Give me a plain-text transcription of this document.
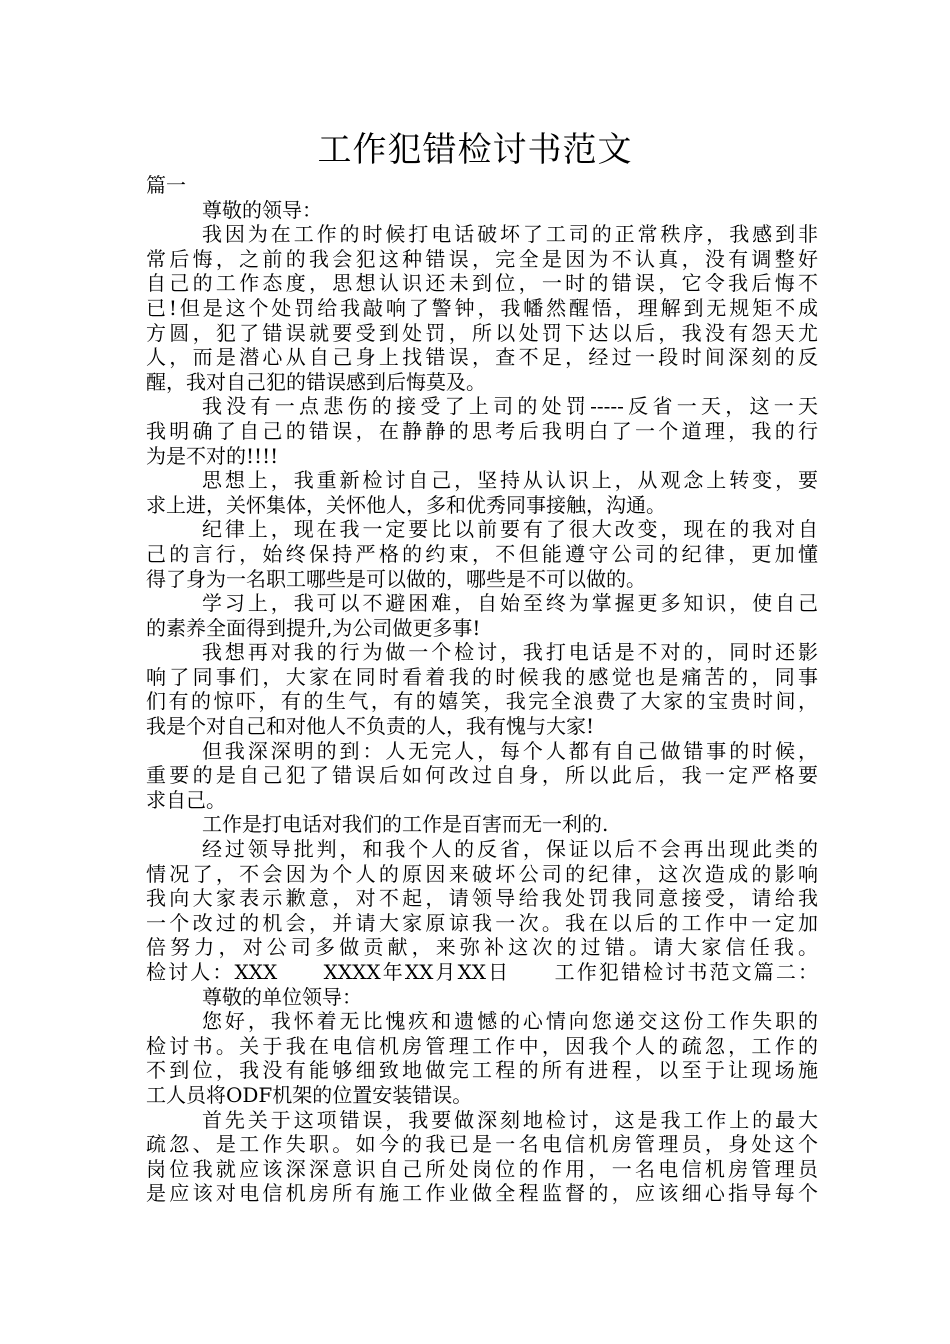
工作犯错检讨书范文
篇一
尊敬的领导：
我因为在工作的时候打电话破坏了工司的正常秩序，我感到非
常后悔，之前的我会犯这种错误，完全是因为不认真，没有调整好
自己的工作态度，思想认识还未到位，一时的错误，它令我后悔不
已!但是这个处罚给我敲响了警钟，我幡然醒悟，理解到无规矩不成
方圆，犯了错误就要受到处罚，所以处罚下达以后，我没有怨天尤
人，而是潜心从自己身上找错误，查不足，经过一段时间深刻的反
醒，我对自己犯的错误感到后悔莫及。
我没有一点悲伤的接受了上司的处罚-----反省一天，这一天
我明确了自己的错误，在静静的思考后我明白了一个道理，我的行
为是不对的!!!!
思想上，我重新检讨自己，坚持从认识上，从观念上转变，要
求上进，关怀集体，关怀他人，多和优秀同事接触，沟通。
纪律上，现在我一定要比以前要有了很大改变，现在的我对自
己的言行，始终保持严格的约束，不但能遵守公司的纪律，更加懂
得了身为一名职工哪些是可以做的，哪些是不可以做的。
学习上，我可以不避困难，自始至终为掌握更多知识，使自己
的素养全面得到提升,为公司做更多事!
我想再对我的行为做一个检讨，我打电话是不对的，同时还影
响了同事们，大家在同时看着我的时候我的感觉也是痛苦的，同事
们有的惊吓，有的生气，有的嬉笑，我完全浪费了大家的宝贵时间，
我是个对自己和对他人不负责的人，我有愧与大家!
但我深深明的到：人无完人，每个人都有自己做错事的时候，
重要的是自己犯了错误后如何改过自身，所以此后，我一定严格要
求自己。
工作是打电话对我们的工作是百害而无一利的.
经过领导批判，和我个人的反省，保证以后不会再出现此类的
情况了，不会因为个人的原因来破坏公司的纪律，这次造成的影响
我向大家表示歉意，对不起，请领导给我处罚我同意接受，请给我
一个改过的机会，并请大家原谅我一次。我在以后的工作中一定加
倍努力，对公司多做贡献，来弥补这次的过错。请大家信任我。
检讨人：XXX　　XXXX年XX月XX日　　工作犯错检讨书范文篇二：
尊敬的单位领导：
您好，我怀着无比愧疚和遗憾的心情向您递交这份工作失职的
检讨书。关于我在电信机房管理工作中，因我个人的疏忽，工作的
不到位，我没有能够细致地做完工程的所有进程，以至于让现场施
工人员将ODF机架的位置安装错误。
首先关于这项错误，我要做深刻地检讨，这是我工作上的最大
疏忽、是工作失职。如今的我已是一名电信机房管理员，身处这个
岗位我就应该深深意识自己所处岗位的作用，一名电信机房管理员
是应该对电信机房所有施工作业做全程监督的，应该细心指导每个
